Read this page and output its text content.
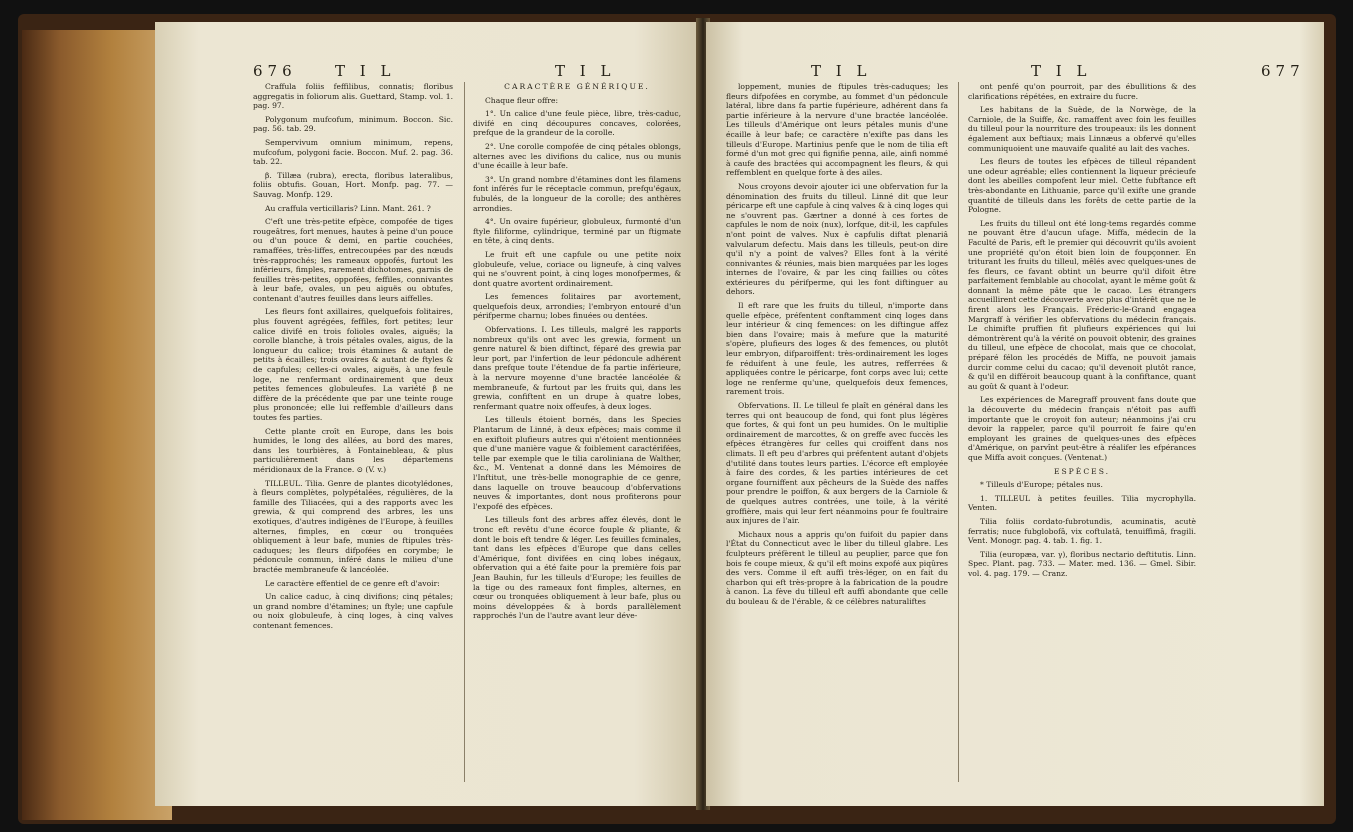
676	T I L	T I L

Craffula foliis feffilibus, connatis; floribus aggregatis in foliorum alis. Guettard, Stamp. vol. 1. pag. 97.

Polygonum mufcofum, minimum. Boccon. Sic. pag. 56. tab. 29.

Sempervivum omnium minimum, repens, mufcofum, polygoni facie. Boccon. Muf. 2. pag. 36. tab. 22.

β. Tillæa (rubra), erecta, floribus lateralibus, foliis obtufis. Gouan, Hort. Monfp. pag. 77. — Sauvag. Monfp. 129.

Au craffula verticillaris? Linn. Mant. 261. ?

C'eft une très-petite efpèce, compofée de tiges rougeâtres, fort menues, hautes à peine d'un pouce ou d'un pouce & demi, en partie couchées, ramaffées, très-liffes, entrecoupées par des nœuds très-rapprochés; les rameaux oppofés, furtout les inférieurs, fimples, rarement dichotomes, garnis de feuilles très-petites, oppofées, feffiles, connivantes à leur bafe, ovales, un peu aiguës ou obtufes, contenant d'autres feuilles dans leurs aiffelles.

Les fleurs font axillaires, quelquefois folitaires, plus fouvent agrégées, feffiles, fort petites; leur calice divifé en trois folioles ovales, aiguës; la corolle blanche, à trois pétales ovales, aigus, de la longueur du calice; trois étamines & autant de petits à écailles; trois ovaires & autant de ftyles & de capfules; celles-ci ovales, aiguës, à une feule loge, ne renfermant ordinairement que deux petites femences globuleufes. La variété β ne diffère de la précédente que par une teinte rouge plus prononcée; elle lui reffemble d'ailleurs dans toutes fes parties.

Cette plante croît en Europe, dans les bois humides, le long des allées, au bord des mares, dans les tourbières, à Fontainebleau, & plus particulièrement dans les départemens méridionaux de la France. ⊙ (V. v.)

TILLEUL. Tilia. Genre de plantes dicotylédones, à fleurs complètes, polypétalées, régulières, de la famille des Tiliacées, qui a des rapports avec les grewia, & qui comprend des arbres, les uns exotiques, d'autres indigènes de l'Europe, à feuilles alternes, fimples, en cœur ou tronquées obliquement à leur bafe, munies de ftipules très-caduques; les fleurs difpofées en corymbe; le pédoncule commun, inféré dans le milieu d'une bractée membraneufe & lancéolée.

Le caractère effentiel de ce genre eft d'avoir:

Un calice caduc, à cinq divifions; cinq pétales; un grand nombre d'étamines; un ftyle; une capfule ou noix globuleufe, à cinq loges, à cinq valves contenant femences.

CARACTÈRE GÉNÉRIQUE.

Chaque fleur offre:

1°. Un calice d'une feule pièce, libre, très-caduc, divifé en cinq découpures concaves, colorées, prefque de la grandeur de la corolle.

2°. Une corolle compofée de cinq pétales oblongs, alternes avec les divifions du calice, nus ou munis d'une écaille à leur bafe.

3°. Un grand nombre d'étamines dont les filamens font inférés fur le réceptacle commun, prefqu'égaux, fubulés, de la longueur de la corolle; des anthères arrondies.

4°. Un ovaire fupérieur, globuleux, furmonté d'un ftyle filiforme, cylindrique, terminé par un ftigmate en tête, à cinq dents.

Le fruit eft une capfule ou une petite noix globuleufe, velue, coriace ou ligneufe, à cinq valves qui ne s'ouvrent point, à cinq loges monofpermes, & dont quatre avortent ordinairement.

Les femences folitaires par avortement, quelquefois deux, arrondies; l'embryon entouré d'un périfperme charnu; lobes finuées ou dentées.

Obfervations. I. Les tilleuls, malgré les rapports nombreux qu'ils ont avec les grewia, forment un genre naturel & bien diftinct, féparé des grewia par leur port, par l'infertion de leur pédoncule adhérent dans prefque toute l'étendue de fa partie inférieure, à la nervure moyenne d'une bractée lancéolée & membraneufe, & furtout par les fruits qui, dans les grewia, confiftent en un drupe à quatre lobes, renfermant quatre noix offeufes, à deux loges.

Les tilleuls étoient bornés, dans les Species Plantarum de Linné, à deux efpèces; mais comme il en exiftoit plufieurs autres qui n'étoient mentionnées que d'une manière vague & foiblement caractérifées, telle par exemple que le tilia caroliniana de Walther, &c., M. Ventenat a donné dans les Mémoires de l'Inftitut, une très-belle monographie de ce genre, dans laquelle on trouve beaucoup d'obfervations neuves & importantes, dont nous profiterons pour l'expofé des efpèces.

Les tilleuls font des arbres affez élevés, dont le tronc eft revêtu d'une écorce fouple & pliante, & dont le bois eft tendre & léger. Les feuilles fcminales, tant dans les efpèces d'Europe que dans celles d'Amérique, font divifées en cinq lobes inégaux, obfervation qui a été faite pour la première fois par Jean Bauhin, fur les tilleuls d'Europe; les feuilles de la tige ou des rameaux font fimples, alternes, en cœur ou tronquées obliquement à leur bafe, plus ou moins développées & à bords parallèlement rapprochés l'un de l'autre avant leur déve-

T I L	T I L	677

loppement, munies de ftipules très-caduques; les fleurs difpofées en corymbe, au fommet d'un pédoncule latéral, libre dans fa partie fupérieure, adhérent dans fa partie inférieure à la nervure d'une bractée lancéolée. Les tilleuls d'Amérique ont leurs pétales munis d'une écaille à leur bafe; ce caractère n'exifte pas dans les tilleuls d'Europe. Martinius penfe que le nom de tilia eft formé d'un mot grec qui fignifie penna, aile, ainfi nommé à caufe des bractées qui accompagnent les fleurs, & qui reffemblent en quelque forte à des ailes.

Nous croyons devoir ajouter ici une obfervation fur la dénomination des fruits du tilleul. Linné dit que leur péricarpe eft une capfule à cinq valves & à cinq loges qui ne s'ouvrent pas. Gærtner a donné à ces fortes de capfules le nom de noix (nux), lorfque, dit-il, les capfules n'ont point de valves. Nux è capfulis diftat plenariâ valvularum defectu. Mais dans les tilleuls, peut-on dire qu'il n'y a point de valves? Elles font à la vérité connivantes & réunies, mais bien marquées par les loges internes de l'ovaire, & par les cinq faillies ou côtes extérieures du périfperme, qui les font diftinguer au dehors.

Il eft rare que les fruits du tilleul, n'importe dans quelle efpèce, préfentent conftamment cinq loges dans leur intérieur & cinq femences: on les diftingue affez bien dans l'ovaire; mais à mefure que la maturité s'opère, plufieurs des loges & des femences, ou plutôt leur embryon, difparoiffent: très-ordinairement les loges fe réduifent à une feule, les autres, refferrées & appliquées contre le péricarpe, font corps avec lui; cette loge ne renferme qu'une, quelquefois deux femences, rarement trois.

Obfervations. II. Le tilleul fe plaît en général dans les terres qui ont beaucoup de fond, qui font plus légères que fortes, & qui font un peu humides. On le multiplie ordinairement de marcottes, & on greffe avec fuccès les efpèces étrangères fur celles qui croiffent dans nos climats. Il eft peu d'arbres qui préfentent autant d'objets d'utilité dans toutes leurs parties. L'écorce eft employée à faire des cordes, & les parties intérieures de cet organe fourniffent aux pêcheurs de la Suède des naffes pour prendre le poiffon, & aux bergers de la Carniole & de quelques autres contrées, une toile, à la vérité groffière, mais qui leur fert néanmoins pour fe foultraire aux injures de l'air.

Michaux nous a appris qu'on fuifoit du papier dans l'État du Connecticut avec le liber du tilleul glabre. Les fculpteurs préfèrent le tilleul au peuplier, parce que fon bois fe coupe mieux, & qu'il eft moins expofé aux piqûres des vers. Comme il eft auffi très-léger, on en fait du charbon qui eft très-propre à la fabrication de la poudre à canon. La fève du tilleul eft auffi abondante que celle du bouleau & de l'érable, & ce célèbres naturaliftes

ont penfé qu'on pourroit, par des ébullitions & des clarifications répétées, en extraire du fucre.

Les habitans de la Suède, de la Norwège, de la Carniole, de la Suiffe, &c. ramaffent avec foin les feuilles du tilleul pour la nourriture des troupeaux: ils les donnent également aux beftiaux; mais Linnæus a obfervé qu'elles communiquoient une mauvaife qualité au lait des vaches.

Les fleurs de toutes les efpèces de tilleul répandent une odeur agréable; elles contiennent la liqueur précieufe dont les abeilles compofent leur miel. Cette fubftance eft très-abondante en Lithuanie, parce qu'il exifte une grande quantité de tilleuls dans les forêts de cette partie de la Pologne.

Les fruits du tilleul ont été long-tems regardés comme ne pouvant être d'aucun ufage. Miffa, médecin de la Faculté de Paris, eft le premier qui découvrit qu'ils avoient une propriété qu'on étoit bien loin de foupçonner. En triturant les fruits du tilleul, mêlés avec quelques-unes de fes fleurs, ce favant obtint un beurre qu'il difoit être parfaitement femblable au chocolat, ayant le même goût & donnant la même pâte que le cacao. Les étrangers accueillirent cette découverte avec plus d'intérêt que ne le firent alors les Français. Fréderic-le-Grand engagea Margraff à vérifier les obfervations du médecin français. Le chimifte pruffien fit plufieurs expériences qui lui démontrèrent qu'à la vérité on pouvoit obtenir, des graines du tilleul, une efpèce de chocolat, mais que ce chocolat, préparé félon les procédés de Miffa, ne pouvoit jamais durcir comme celui du cacao; qu'il devenoit plutôt rance, & qu'il en différoit beaucoup quant à la confiftance, quant au goût & quant à l'odeur.

Les expériences de Maregraff prouvent fans doute que la découverte du médecin français n'étoit pas auffi importante que le croyoit fon auteur; néanmoins j'ai cru devoir la rappeler, parce qu'il pourroit fe faire qu'en employant les graines de quelques-unes des efpèces d'Amérique, on parvînt peut-être à réalifer les efpérances que Miffa avoit conçues. (Ventenat.)

ESPÈCES.

* Tilleuls d'Europe; pétales nus.

1. TILLEUL à petites feuilles. Tilia mycrophylla. Venten.

Tilia foliis cordato-fubrotundis, acuminatis, acutè ferratis; nuce fubglobofâ, vix coftulatâ, tenuiffimâ, fragili. Vent. Monogr. pag. 4. tab. 1. fig. 1.

Tilia (europæa, var. γ), floribus nectario deftitutis. Linn. Spec. Plant. pag. 733. — Mater. med. 136. — Gmel. Sibir. vol. 4. pag. 179. — Cranz.
